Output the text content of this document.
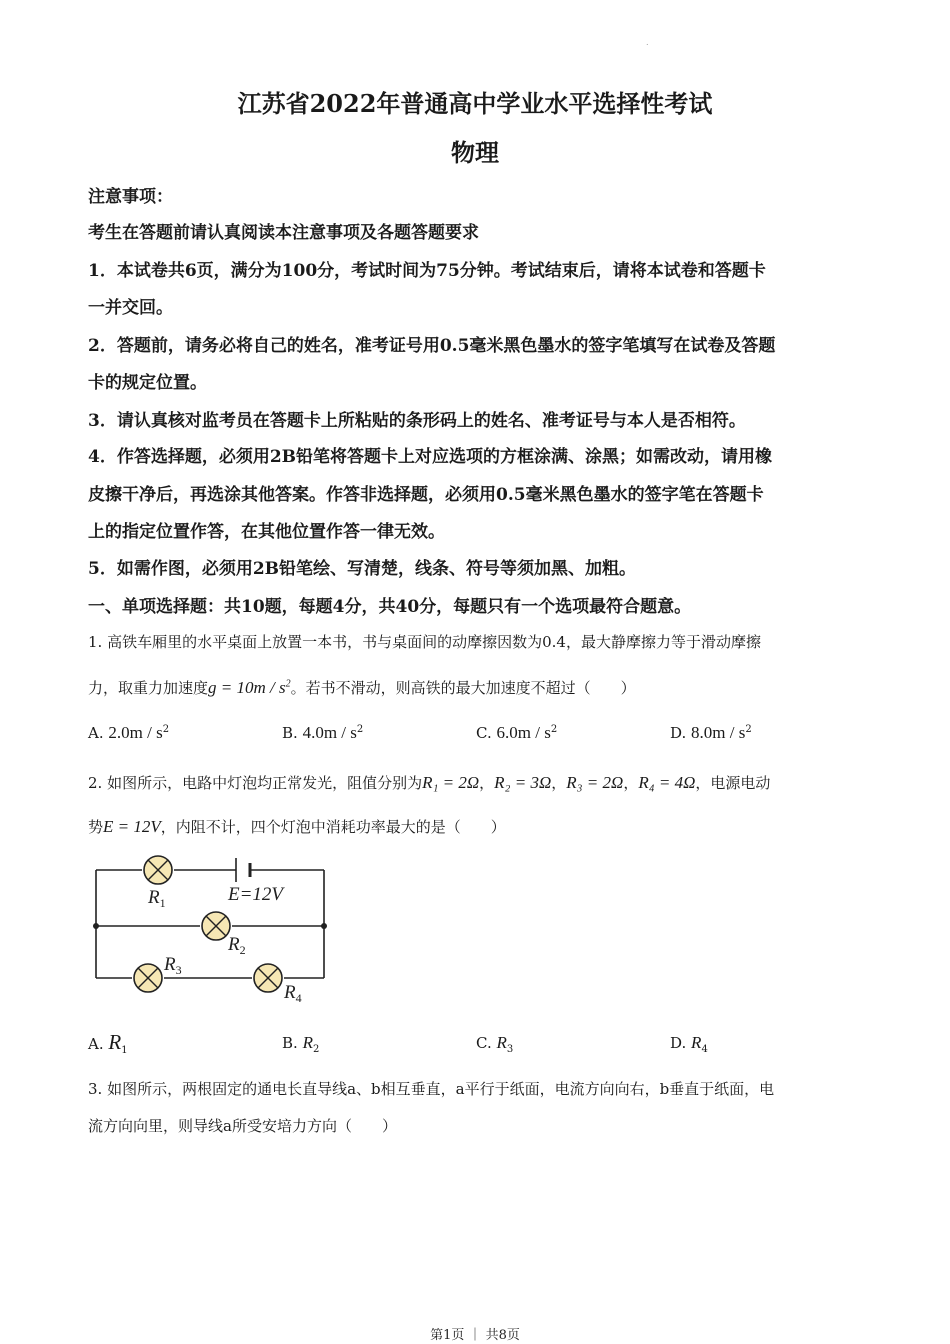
.
江苏省2022年普通高中学业水平选择性考试
物理
注意事项：
考生在答题前请认真阅读本注意事项及各题答题要求
1．本试卷共6页，满分为100分，考试时间为75分钟。考试结束后，请将本试卷和答题卡
一并交回。
2．答题前，请务必将自己的姓名，准考证号用0.5毫米黑色墨水的签字笔填写在试卷及答题
卡的规定位置。
3．请认真核对监考员在答题卡上所粘贴的条形码上的姓名、准考证号与本人是否相符。
4．作答选择题，必须用2B铅笔将答题卡上对应选项的方框涂满、涂黑；如需改动，请用橡
皮擦干净后，再选涂其他答案。作答非选择题，必须用0.5毫米黑色墨水的签字笔在答题卡
上的指定位置作答，在其他位置作答一律无效。
5．如需作图，必须用2B铅笔绘、写清楚，线条、符号等须加黑、加粗。
一、单项选择题：共10题，每题4分，共40分，每题只有一个选项最符合题意。
1. 高铁车厢里的水平桌面上放置一本书，书与桌面间的动摩擦因数为0.4，最大静摩擦力等于滑动摩擦
力，取重力加速度$g = 10m / s^2$。若书不滑动，则高铁的最大加速度不超过（　　）
A. $2.0m / s^2$	B. $4.0m / s^2$	C. $6.0m / s^2$	D. $8.0m / s^2$
2. 如图所示，电路中灯泡均正常发光，阻值分别为R₁ = 2Ω，R₂ = 3Ω，R₃ = 2Ω，R₄ = 4Ω，电源电动
势E = 12V，内阻不计，四个灯泡中消耗功率最大的是（　　）
$R_1$
$R_2$
$R_3$
$R_4$
E=12V
A. $R_1$	B. $R_2$	C. $R_3$	D. $R_4$
3. 如图所示，两根固定的通电长直导线a、b相互垂直，a平行于纸面，电流方向向右，b垂直于纸面，电
流方向向里，则导线a所受安培力方向（　　）
第1页 ｜ 共8页
